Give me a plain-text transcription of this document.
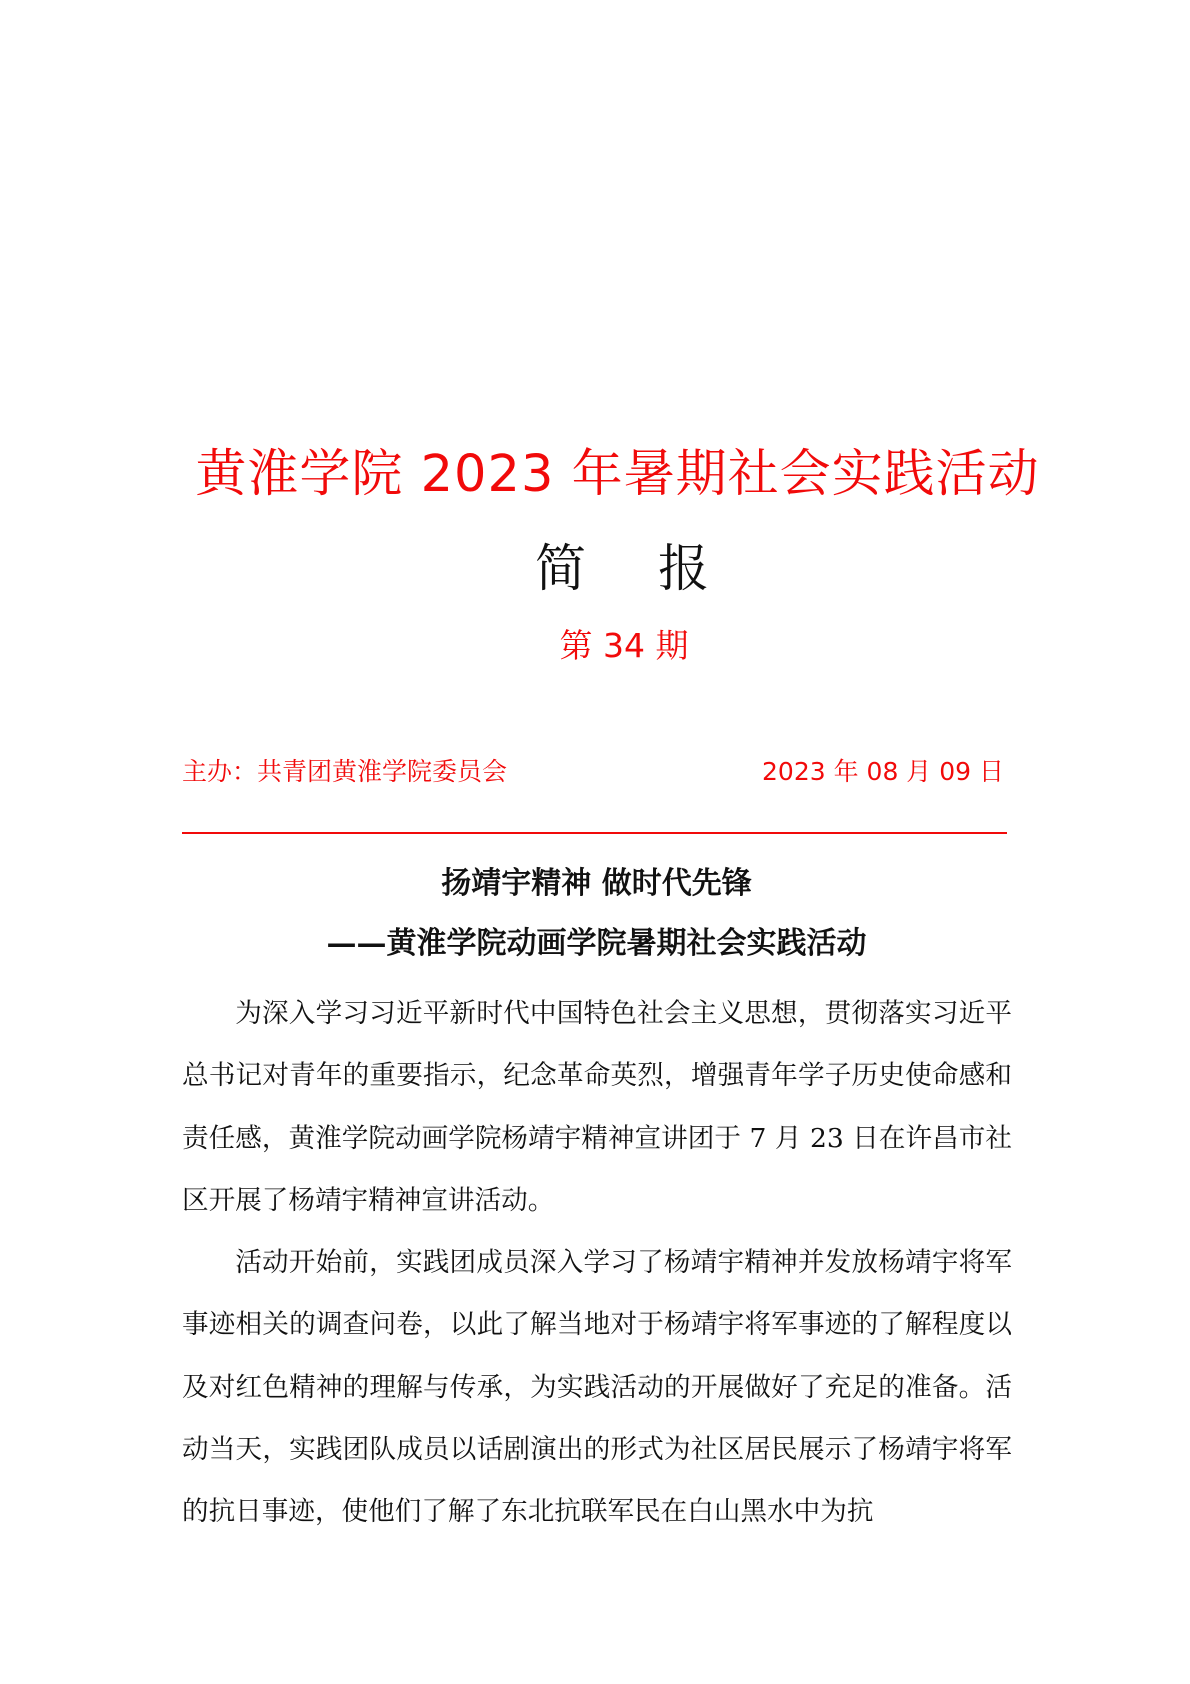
黄淮学院 2023 年暑期社会实践活动
简 报
第 34 期
主办：共青团黄淮学院委员会	2023 年 08 月 09 日
扬靖宇精神 做时代先锋
——黄淮学院动画学院暑期社会实践活动

为深入学习习近平新时代中国特色社会主义思想，贯彻落实习近平总书记对青年的重要指示，纪念革命英烈，增强青年学子历史使命感和责任感，黄淮学院动画学院杨靖宇精神宣讲团于 7 月 23 日在许昌市社区开展了杨靖宇精神宣讲活动。

活动开始前，实践团成员深入学习了杨靖宇精神并发放杨靖宇将军事迹相关的调查问卷，以此了解当地对于杨靖宇将军事迹的了解程度以及对红色精神的理解与传承，为实践活动的开展做好了充足的准备。活动当天，实践团队成员以话剧演出的形式为社区居民展示了杨靖宇将军的抗日事迹，使他们了解了东北抗联军民在白山黑水中为抗
